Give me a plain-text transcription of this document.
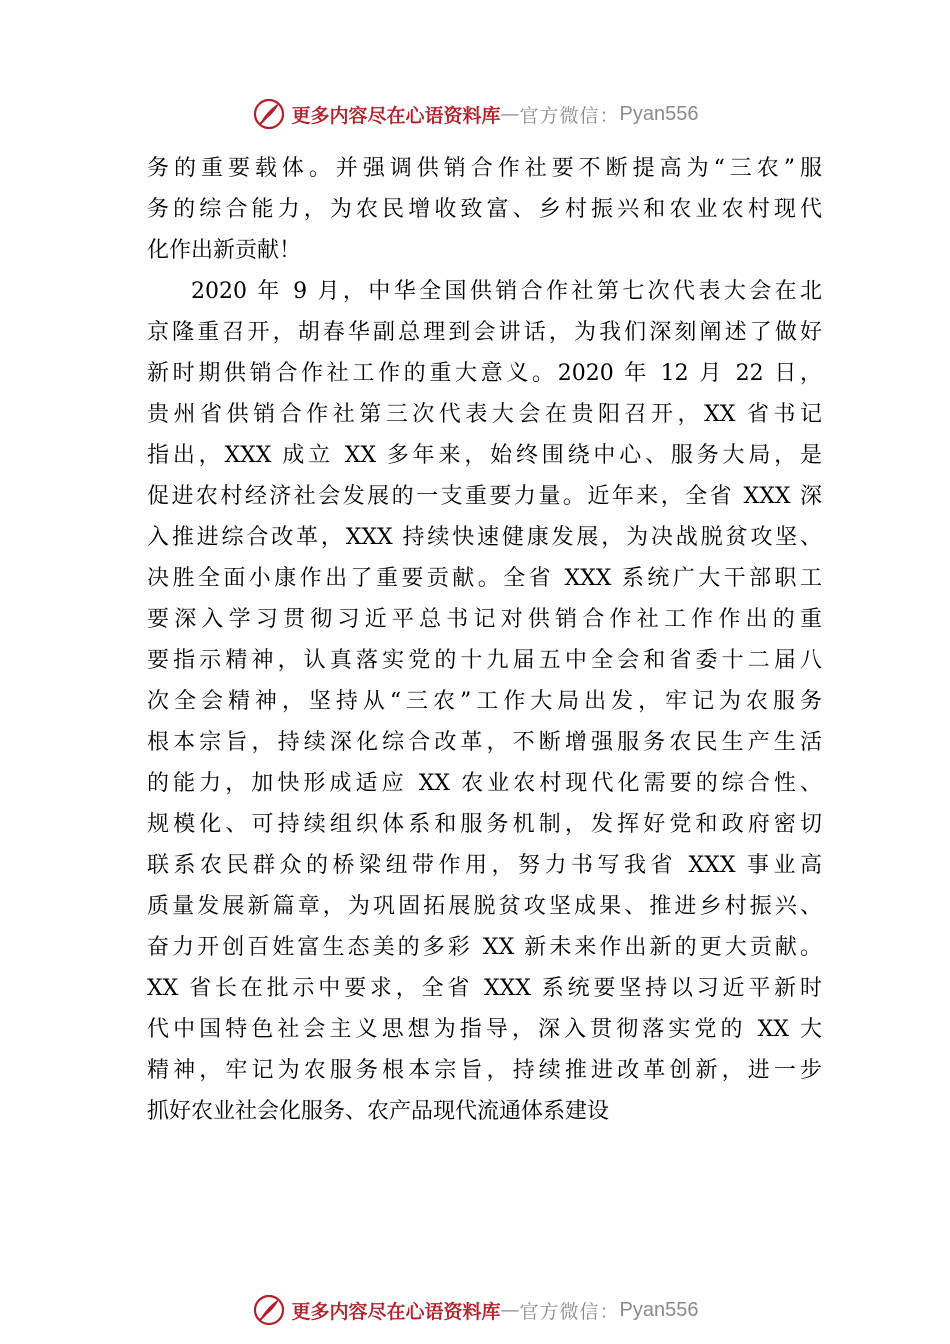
更多内容尽在心语资料库 — 官方微信： Pyan556
务的重要载体。并强调供销合作社要不断提高为“三农”服
务的综合能力，为农民增收致富、乡村振兴和农业农村现代
化作出新贡献！
2020 年 9 月，中华全国供销合作社第七次代表大会在北
京隆重召开，胡春华副总理到会讲话，为我们深刻阐述了做好
新时期供销合作社工作的重大意义。2020 年 12 月 22 日，
贵州省供销合作社第三次代表大会在贵阳召开，XX 省书记
指出，XXX 成立 XX 多年来，始终围绕中心、服务大局，是
促进农村经济社会发展的一支重要力量。近年来，全省 XXX 深
入推进综合改革，XXX 持续快速健康发展，为决战脱贫攻坚、
决胜全面小康作出了重要贡献。全省 XXX 系统广大干部职工
要深入学习贯彻习近平总书记对供销合作社工作作出的重
要指示精神，认真落实党的十九届五中全会和省委十二届八
次全会精神，坚持从“三农”工作大局出发，牢记为农服务
根本宗旨，持续深化综合改革，不断增强服务农民生产生活
的能力，加快形成适应 XX 农业农村现代化需要的综合性、
规模化、可持续组织体系和服务机制，发挥好党和政府密切
联系农民群众的桥梁纽带作用，努力书写我省 XXX 事业高
质量发展新篇章，为巩固拓展脱贫攻坚成果、推进乡村振兴、
奋力开创百姓富生态美的多彩 XX 新未来作出新的更大贡献。
XX 省长在批示中要求，全省 XXX 系统要坚持以习近平新时
代中国特色社会主义思想为指导，深入贯彻落实党的 XX 大
精神，牢记为农服务根本宗旨，持续推进改革创新，进一步
抓好农业社会化服务、农产品现代流通体系建设
更多内容尽在心语资料库 — 官方微信： Pyan556
